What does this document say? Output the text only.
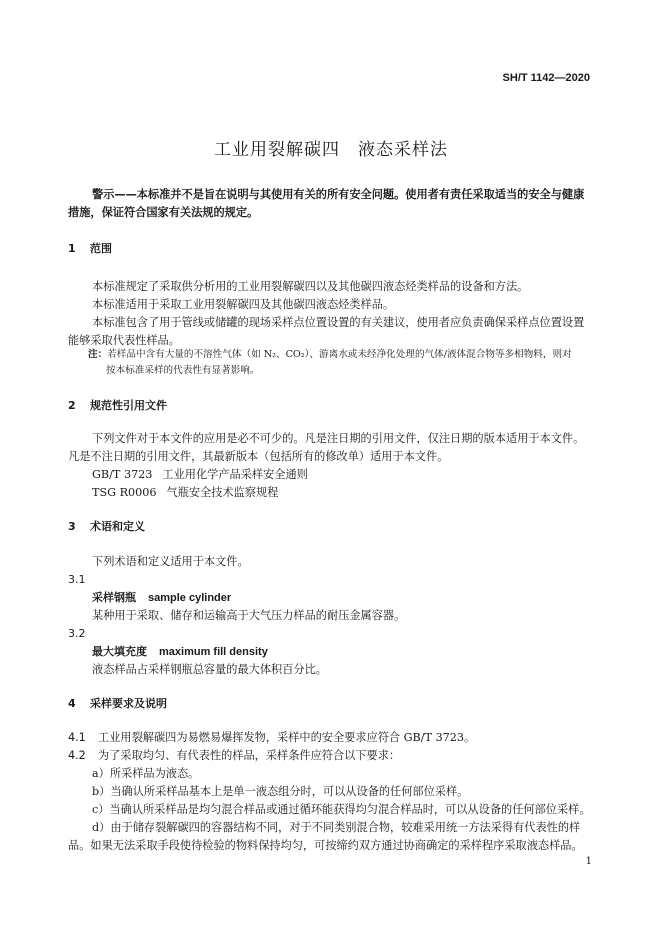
SH/T 1142—2020
工业用裂解碳四 液态采样法
警示——本标准并不是旨在说明与其使用有关的所有安全问题。使用者有责任采取适当的安全与健康措施，保证符合国家有关法规的规定。
1 范围
本标准规定了采取供分析用的工业用裂解碳四以及其他碳四液态烃类样品的设备和方法。
本标准适用于采取工业用裂解碳四及其他碳四液态烃类样品。
本标准包含了用于管线或储罐的现场采样点位置设置的有关建议，使用者应负责确保采样点位置设置能够采取代表性样品。
注：若样品中含有大量的不溶性气体（如 N₂、CO₂）、游离水或未经净化处理的气体/液体混合物等多相物料，则对
按本标准采样的代表性有显著影响。
2 规范性引用文件
下列文件对于本文件的应用是必不可少的。凡是注日期的引用文件，仅注日期的版本适用于本文件。凡是不注日期的引用文件，其最新版本（包括所有的修改单）适用于本文件。
GB/T 3723 工业用化学产品采样安全通则
TSG R0006 气瓶安全技术监察规程
3 术语和定义
下列术语和定义适用于本文件。
3.1
采样钢瓶 sample cylinder
某种用于采取、储存和运输高于大气压力样品的耐压金属容器。
3.2
最大填充度 maximum fill density
液态样品占采样钢瓶总容量的最大体积百分比。
4 采样要求及说明
4.1 工业用裂解碳四为易燃易爆挥发物，采样中的安全要求应符合 GB/T 3723。
4.2 为了采取均匀、有代表性的样品，采样条件应符合以下要求：
a）所采样品为液态。
b）当确认所采样品基本上是单一液态组分时，可以从设备的任何部位采样。
c）当确认所采样品是均匀混合样品或通过循环能获得均匀混合样品时，可以从设备的任何部位采样。
d）由于储存裂解碳四的容器结构不同，对于不同类别混合物，较难采用统一方法采得有代表性的样品。如果无法采取手段使待检验的物料保持均匀，可按缔约双方通过协商确定的采样程序采取液态样品。
1
